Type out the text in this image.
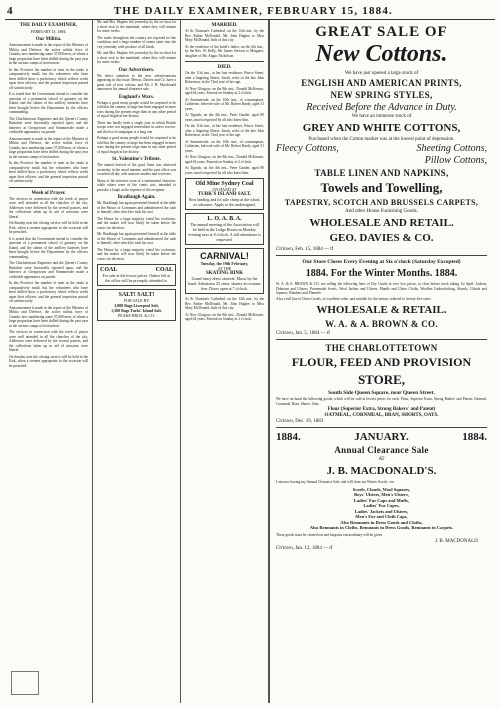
4	THE DAILY EXAMINER, FEBRUARY 15, 1884.
THE DAILY EXAMINER.
FEBRUARY 15, 1884.
Our Militia.

Announcement is made in the report of the Minister of Militia and Defence, the active militia force of Canada, now numbering some 37,000 men, of whom a large proportion have been drilled during the past year in the various camps of instruction.

In this Province the number of men in the ranks is comparatively small, but the volunteers who have been drilled show a proficiency which reflects credit upon their officers, and the general inspection passed off satisfactorily.

It is stated that the Government intend to consider the question of a permanent school of gunnery on the Island, and the claims of the artillery batteries have been brought before the Department by the officers commanding.

The Charlottetown Engineers and the Queen's County Battalion were favourably reported upon, and the batteries at Georgetown and Summerside made a creditable appearance on parade.

Announcement is made in the report of the Minister of Militia and Defence, the active militia force of Canada, now numbering some 37,000 men, of whom a large proportion have been drilled during the past year in the various camps of instruction.

In this Province the number of men in the ranks is comparatively small, but the volunteers who have been drilled show a proficiency which reflects credit upon their officers, and the general inspection passed off satisfactorily.

Week of Prayer.

The services in connection with the week of prayer were well attended in all the churches of the city. Addresses were delivered by the several pastors, and the collections taken up in aid of missions were liberal.

On Sunday next the closing service will be held in the Kirk, when a sermon appropriate to the occasion will be preached.

It is stated that the Government intend to consider the question of a permanent school of gunnery on the Island, and the claims of the artillery batteries have been brought before the Department by the officers commanding.

The Charlottetown Engineers and the Queen's County Battalion were favourably reported upon, and the batteries at Georgetown and Summerside made a creditable appearance on parade.

In this Province the number of men in the ranks is comparatively small, but the volunteers who have been drilled show a proficiency which reflects credit upon their officers, and the general inspection passed off satisfactorily.

Announcement is made in the report of the Minister of Militia and Defence, the active militia force of Canada, now numbering some 37,000 men, of whom a large proportion have been drilled during the past year in the various camps of instruction.

The services in connection with the week of prayer were well attended in all the churches of the city. Addresses were delivered by the several pastors, and the collections taken up in aid of missions were liberal.

On Sunday next the closing service will be held in the Kirk, when a sermon appropriate to the occasion will be preached.

Mr. and Mrs. Hughes left yesterday by the ice boat for a short visit to the mainland, where they will remain for some weeks.

The roads throughout the country are reported in fine condition, and a large number of teams came into the city yesterday with produce of all kinds.

Mr. and Mrs. Hughes left yesterday by the ice boat for a short visit to the mainland, where they will remain for some weeks.

Our Advertisers.

We direct attention to the new advertisements appearing in this issue. Messrs. Davies and Co. have a great sale of new cottons, and Mr. J. B. Macdonald announces his annual clearance sale.

England's Wars.

Perhaps a good many people would be surprised to be told that the country at large has been engaged in more wars during the present reign than in any other period of equal length in her history.

There has hardly been a single year in which British troops were not engaged somewhere in active service, and the list of campaigns is a long one.

Perhaps a good many people would be surprised to be told that the country at large has been engaged in more wars during the present reign than in any other period of equal length in her history.

St. Valentine's Tribute.

The annual festival of the good Saint was observed yesterday in the usual manner, and the post office was crowded all day with anxious senders and receivers.

Many of the missives were of a sentimental character, while others were of the comic sort, intended to provoke a laugh at the expense of the recipient.

Bradlaugh Again.

Mr. Bradlaugh has again presented himself at the table of the House of Commons and administered the oath to himself, after which he took his seat.

The House by a large majority voted his exclusion, and the matter will now likely be taken before the courts for decision.

Mr. Bradlaugh has again presented himself at the table of the House of Commons and administered the oath to himself, after which he took his seat.

The House by a large majority voted his exclusion, and the matter will now likely be taken before the courts for decision.

COAL	COAL
For sale at the lowest prices. Orders left at the office will be promptly attended to.
SALT! SALT!
FOR SALE BY
3,000 Bags Liverpool Salt,
1,500 Bags Turks' Island Salt.
PEAKE BROS. & CO.
MARRIED.

At St. Dunstan's Cathedral, on the 12th inst., by the Rev. Father McDonald, Mr. John Hughes to Miss Mary McDonald, both of this city.

At the residence of the bride's father, on the 6th inst., by the Rev. W. Kelly, Mr. James Stewart to Margaret, daughter of Mr. Angus Nicholson.

DIED.

On the 11th inst., at her late residence, Prince Street, after a lingering illness, Sarah, relict of the late John Robertson, in the 72nd year of her age.

At New Glasgow, on the 8th inst., Donald McKenzie, aged 64 years. Funeral on Sunday at 2 o'clock.

At Summerside, on the 10th inst., of consumption, Catherine, beloved wife of Mr. Robert Hardy, aged 31 years.

At Tignish, on the 4th inst., Peter Gaudet, aged 80 years, much respected by all who knew him.

On the 11th inst., at her late residence, Prince Street, after a lingering illness, Sarah, relict of the late John Robertson, in the 72nd year of her age.

At Summerside, on the 10th inst., of consumption, Catherine, beloved wife of Mr. Robert Hardy, aged 31 years.

At New Glasgow, on the 8th inst., Donald McKenzie, aged 64 years. Funeral on Sunday at 2 o'clock.

At Tignish, on the 4th inst., Peter Gaudet, aged 80 years, much respected by all who knew him.

Old Mine Sydney Coal
ON HAND AT
TURK'S ISLAND SALT.
Now landing and for sale cheap at the wharf, ex schooner. Apply to the undersigned.
L. O. A. B. A.
The annual meeting of the Association will be held in the Lodge Room on Monday evening next at 8 o'clock. A full attendance is requested.
CARNIVAL!
Tuesday, the 19th February,
AT THE
SKATING RINK
Grand fancy dress carnival. Music by the band. Admission 25 cents; skaters in costume free. Doors open at 7 o'clock.

At St. Dunstan's Cathedral, on the 12th inst., by the Rev. Father McDonald, Mr. John Hughes to Miss Mary McDonald, both of this city.

At New Glasgow, on the 8th inst., Donald McKenzie, aged 64 years. Funeral on Sunday at 2 o'clock.

GREAT SALE OF
New Cottons.
We have just opened a large stock of
ENGLISH AND AMERICAN PRINTS,
NEW SPRING STYLES,
Received Before the Advance in Duty.
We have an immense stock of
GREY AND WHITE COTTONS,
Purchased when the Cotton market was at the lowest point of depression.
Fleecy Cottons,	Sheeting Cottons,
Pillow Cottons,
TABLE LINEN AND NAPKINS,
Towels and Towelling,
TAPESTRY, SCOTCH AND BRUSSELS CARPETS,
And other House Furnishing Goods.
WHOLESALE AND RETAIL.
GEO. DAVIES & CO.
Ch'town, Feb. 15, 1884 — tf
Our Store Closes Every Evening at Six o'clock (Saturday Excepted)
1884. For the Winter Months. 1884.

W. A. & A. BROWN & CO. are selling the following lines of Dry Goods at very low prices, to clear before stock taking 1st April: Jackets, Dolmans and Ulsters, Promenade Scarfs, Wool Jackets and Ulsters, Mantle and Ulster Cloths, Woollen Underclothing, Shawls, Clouds and Squares, Blankets and Flannels.

Also a full line of Dress Goods, of excellent value, and suitable for the season, reduced to twenty-five cents.

WHOLESALE & RETAIL.
W. A. & A. BROWN & CO.
Ch'town, Jan. 5, 1884 — tf
THE CHARLOTTETOWN
FLOUR, FEED AND PROVISION
STORE,
South Side Queen Square, near Queen Street.

We have on hand the following goods, which will be sold at lowest prices for cash: Flour, Superior Extra, Strong Bakers' and Patent; Oatmeal, Cornmeal, Bran, Shorts, Oats.

Flour (Superior Extra, Strong Bakers' and Patent)
OATMEAL, CORNMEAL, BRAN, SHORTS, OATS.
Ch'town, Dec. 19, 1883
1884.	JANUARY.	1884.
Annual Clearance Sale
AT
J. B. MACDONALD'S.

I am now having my Annual Clearance Sale, and will clear out Winter Goods, viz.:

Scarfs, Clouds, Wool Squares,
Boys' Ulsters, Men's Ulsters,
Ladies' Fur Caps and Muffs,
Ladies' Fur Capes,
Ladies' Jackets and Ulsters,
Men's Fur and Cloth Caps,
Also Remnants in Dress Goods and Cloths,
Also Remnants in Cloths. Remnants in Dress Goods, Remnants in Carpets.

These goods must be cleared out and bargains extraordinary will be given.

J. B. MACDONALD.
Ch'town, Jan. 12, 1884 — tf
